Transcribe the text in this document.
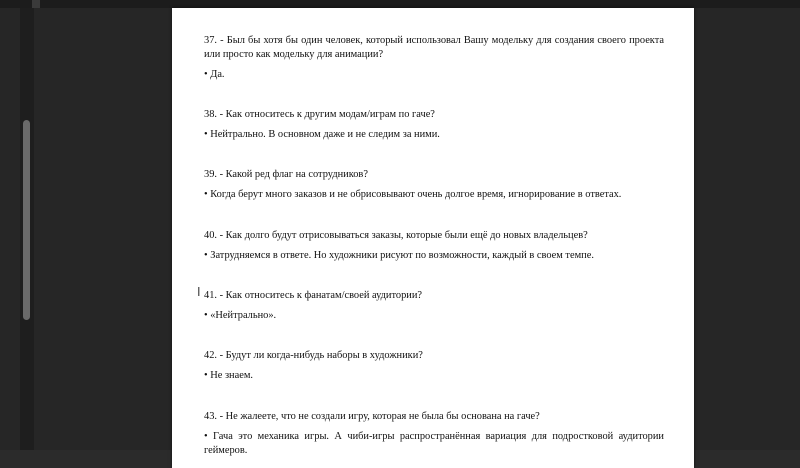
37. - Был бы хотя бы один человек, который использовал Вашу модельку для создания своего проекта
или просто как модельку для анимации?
• Да.
38. - Как относитесь к другим модам/играм по гаче?
• Нейтрально. В основном даже и не следим за ними.
39. - Какой ред флаг на сотрудников?
• Когда берут много заказов и не обрисовывают очень долгое время, игнорирование в ответах.
40. - Как долго будут отрисовываться заказы, которые были ещё до новых владельцев?
• Затрудняемся в ответе. Но художники рисуют по возможности, каждый в своем темпе.
41. - Как относитесь к фанатам/своей аудитории?
• «Нейтрально».
42. - Будут ли когда-нибудь наборы в художники?
• Не знаем.
43. - Не жалеете, что не создали игру, которая не была бы основана на гаче?
• Гача это механика игры. А чиби-игры распространённая вариация для подростковой аудитории
геймеров.
I
